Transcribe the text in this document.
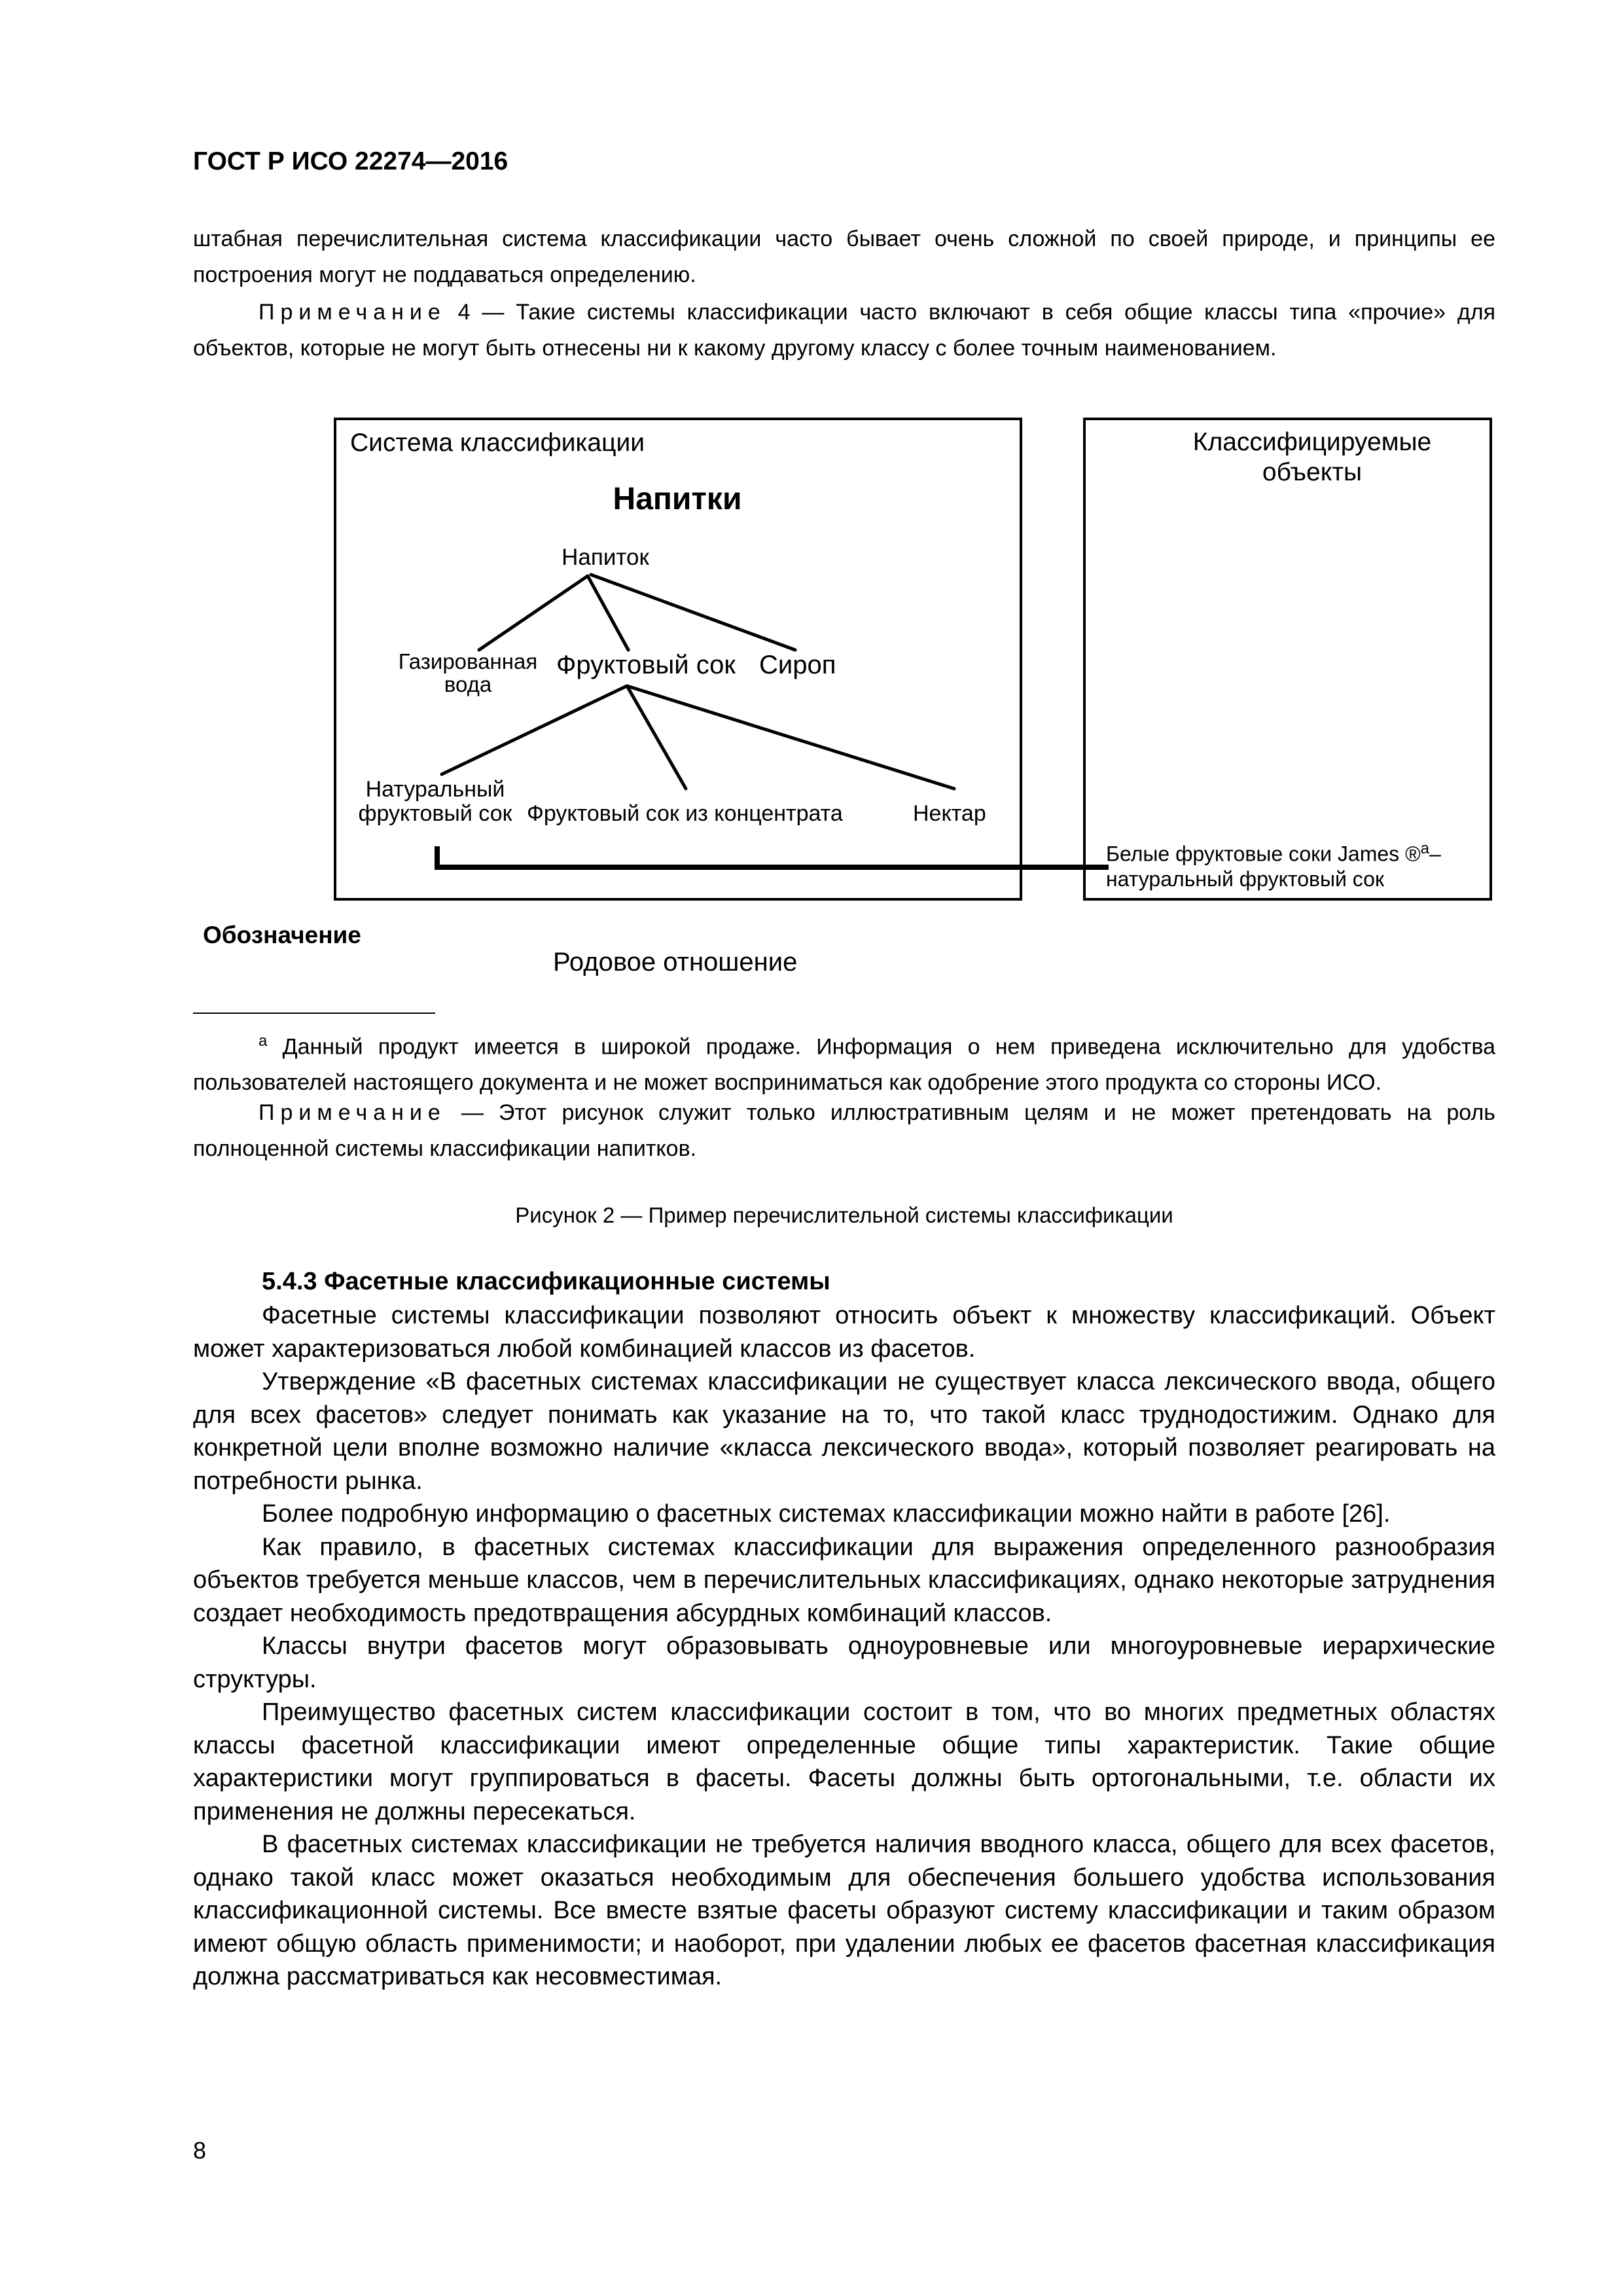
ГОСТ Р ИСО 22274—2016

штабная перечислительная система классификации часто бывает очень сложной по своей природе, и принципы ее построения могут не поддаваться определению.

Примечание 4 — Такие системы классификации часто включают в себя общие классы типа «прочие» для объектов, которые не могут быть отнесены ни к какому другому классу с более точным наименованием.

Система классификации
Напитки
Напиток
Газированная
вода
Фруктовый сок Сироп
Натуральный
фруктовый сок Фруктовый сок из концентрата	Нектар
Классифицируемые
объекты
Белые фруктовые соки James ®$^а$–
натуральный фруктовый сок
Обозначение
Родовое отношение

$^а$ Данный продукт имеется в широкой продаже. Информация о нем приведена исключительно для удобства пользователей настоящего документа и не может восприниматься как одобрение этого продукта со стороны ИСО.

Примечание — Этот рисунок служит только иллюстративным целям и не может претендовать на роль полноценной системы классификации напитков.

Рисунок 2 — Пример перечислительной системы классификации
5.4.3 Фасетные классификационные системы

Фасетные системы классификации позволяют относить объект к множеству классификаций. Объект может характеризоваться любой комбинацией классов из фасетов.

Утверждение «В фасетных системах классификации не существует класса лексического ввода, общего для всех фасетов» следует понимать как указание на то, что такой класс труднодостижим. Однако для конкретной цели вполне возможно наличие «класса лексического ввода», который позволяет реагировать на потребности рынка.

Более подробную информацию о фасетных системах классификации можно найти в работе [26].

Как правило, в фасетных системах классификации для выражения определенного разнообразия объектов требуется меньше классов, чем в перечислительных классификациях, однако некоторые затруднения создает необходимость предотвращения абсурдных комбинаций классов.

Классы внутри фасетов могут образовывать одноуровневые или многоуровневые иерархические структуры.

Преимущество фасетных систем классификации состоит в том, что во многих предметных областях классы фасетной классификации имеют определенные общие типы характеристик. Такие общие характеристики могут группироваться в фасеты. Фасеты должны быть ортогональными, т.е. области их применения не должны пересекаться.

В фасетных системах классификации не требуется наличия вводного класса, общего для всех фасетов, однако такой класс может оказаться необходимым для обеспечения большего удобства использования классификационной системы. Все вместе взятые фасеты образуют систему классификации и таким образом имеют общую область применимости; и наоборот, при удалении любых ее фасетов фасетная классификация должна рассматриваться как несовместимая.

8
